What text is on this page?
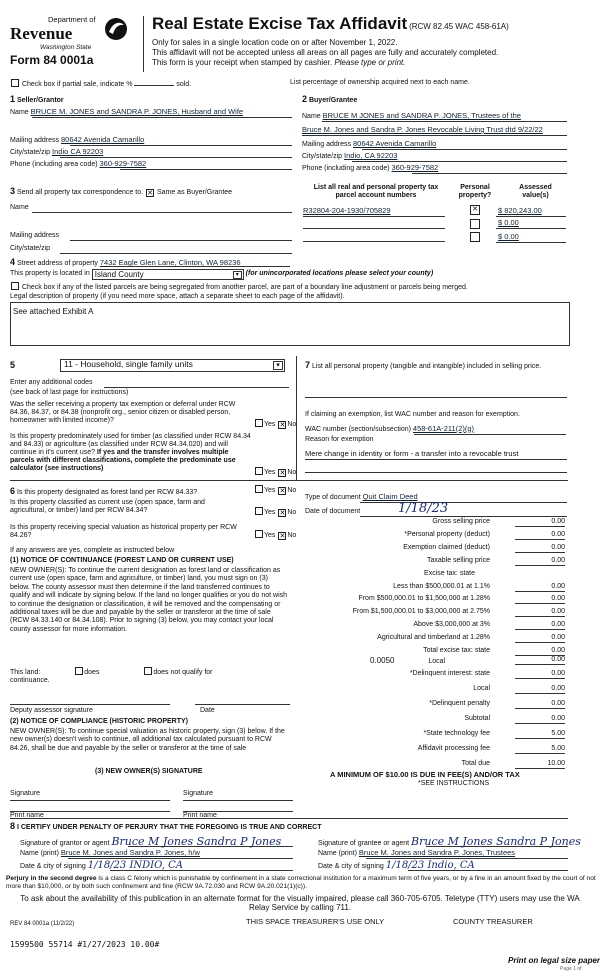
Department of
Revenue
Washington State
Form 84 0001a
Real Estate Excise Tax Affidavit (RCW 82.45 WAC 458-61A)
Only for sales in a single location code on or after November 1, 2022.
This affidavit will not be accepted unless all areas on all pages are fully and accurately completed.
This form is your receipt when stamped by cashier. Please type or print.
Check box if partial sale, indicate %	sold.	List percentage of ownership acquired next to each name.
1 Seller/Grantor
Name BRUCE M. JONES and SANDRA P. JONES, Husband and Wife
Mailing address 80642 Avenida Camarillo
City/state/zip Indio CA 92203
Phone (including area code) 360-929-7582
2 Buyer/Grantee
Name BRUCE M JONES and SANDRA P. JONES, Trustees of the
Bruce M. Jones and Sandra P. Jones Revocable Living Trust dtd 9/22/22
Mailing address 80642 Avenida Camarillo
City/state/zip Indio, CA 92203
Phone (including area code) 360-929-7582
3 Send all property tax correspondence to. ✕ Same as Buyer/Grantee
Name
Mailing address
City/state/zip
List all real and personal property tax parcel account numbers
Personal property?
Assessed value(s)
R32804-204-1930/705829 ✕	$ 820,243.00
$ 0.00
$ 0.00
4 Street address of property 7432 Eagle Glen Lane, Clinton, WA 98236
This property is located in Island County	▾ (for unincorporated locations please select your county)
Check box if any of the listed parcels are being segregated from another parcel, are part of a boundary line adjustment or parcels being merged.
Legal description of property (if you need more space, attach a separate sheet to each page of the affidavit).
See attached Exhibit A
5	11 - Household, single family units	▾
Enter any additional codes
(see back of last page for instructions)
Was the seller receiving a property tax exemption or deferral under RCW 84.36, 84.37, or 84.38 (nonprofit org., senior citizen or disabled person, homeowner with limited income)?
Yes ✕ No
Is this property predominately used for timber (as classified under RCW 84.34 and 84.33) or agriculture (as classified under RCW 84.34.020) and will continue in it's current use? If yes and the transfer involves multiple parcels with different classifications, complete the predominate use calculator (see instructions)
Yes ✕ No
7 List all personal property (tangible and intangible) included in selling price.
If claiming an exemption, list WAC number and reason for exemption.
WAC number (section/subsection) 458-61A-211(2)(g)
Reason for exemption
Mere change in identity or form - a transfer into a revocable trust
6 Is this property designated as forest land per RCW 84.33?	Yes ✕ No
Is this property classified as current use (open space, farm and agricultural, or timber) land per RCW 84.34?	Yes ✕ No
Is this property receiving special valuation as historical property per RCW 84.26?	Yes ✕ No
If any answers are yes, complete as instructed below
(1) NOTICE OF CONTINUANCE (FOREST LAND OR CURRENT USE)
NEW OWNER(S): To continue the current designation as forest land or classification as current use (open space, farm and agriculture, or timber) land, you must sign on (3) below. The county assessor must then determine if the land transferred continues to qualify and will indicate by signing below. If the land no longer qualifies or you do not wish to continue the designation or classification, it will be removed and the compensating or additional taxes will be due and payable by the seller or transferor at the time of sale (RCW 84.33.140 or 84.34.108). Prior to signing (3) below, you may contact your local county assessor for more information.
This land:	does	does not qualify for
continuance.
Deputy assessor signature	Date
(2) NOTICE OF COMPLIANCE (HISTORIC PROPERTY)
NEW OWNER(S): To continue special valuation as historic property, sign (3) below. If the new owner(s) doesn't wish to continue, all additional tax calculated pursuant to RCW 84.26, shall be due and payable by the seller or transferor at the time of sale
(3) NEW OWNER(S) SIGNATURE
Signature	Signature
Print name	Print name
Type of document Quit Claim Deed
Date of document	1/18/23
Gross selling price	0.00
*Personal property (deduct)	0.00
Exemption claimed (deduct)	0.00
Taxable selling price	0.00
Excise tax: state
Less than $500,000.01 at 1.1%	0.00
From $500,000.01 to $1,500,000 at 1.28%	0.00
From $1,500,000.01 to $3,000,000 at 2.75%	0.00
Above $3,000,000 at 3%	0.00
Agricultural and timberland at 1.28%	0.00
Total excise tax: state	0.00
0.0050	Local	0.00
*Delinquent interest: state	0.00
Local	0.00
*Delinquent penalty	0.00
Subtotal	0.00
*State technology fee	5.00
Affidavit processing fee	5.00
Total due	10.00
A MINIMUM OF $10.00 IS DUE IN FEE(S) AND/OR TAX
*SEE INSTRUCTIONS
8 I CERTIFY UNDER PENALTY OF PERJURY THAT THE FOREGOING IS TRUE AND CORRECT
Signature of grantor or agent Bruce M Jones Sandra P Jones
Name (print) Bruce M. Jones and Sandra P. Jones, h/w
Date & city of signing 1/18/23 INDIO, CA
Signature of grantee or agent Bruce M Jones Sandra P Jones
Name (print) Bruce M. Jones and Sandra P. Jones, Trustees
Date & city of signing 1/18/23 Indio, CA
Perjury in the second degree is a class C felony which is punishable by confinement in a state correctional institution for a maximum term of five years, or by a fine in an amount fixed by the court of not more than $10,000, or by both such confinement and fine (RCW 9A.72.030 and RCW 9A.20.021(1)(c)).
To ask about the availability of this publication in an alternate format for the visually impaired, please call 360-705-6705. Teletype (TTY) users may use the WA Relay Service by calling 711.
REV 84 0001a (11/2/22)	THIS SPACE TREASURER'S USE ONLY	COUNTY TREASURER
1599500 55714 #1/27/2023 10.00#
Print on legal size paper
Page 1 of
